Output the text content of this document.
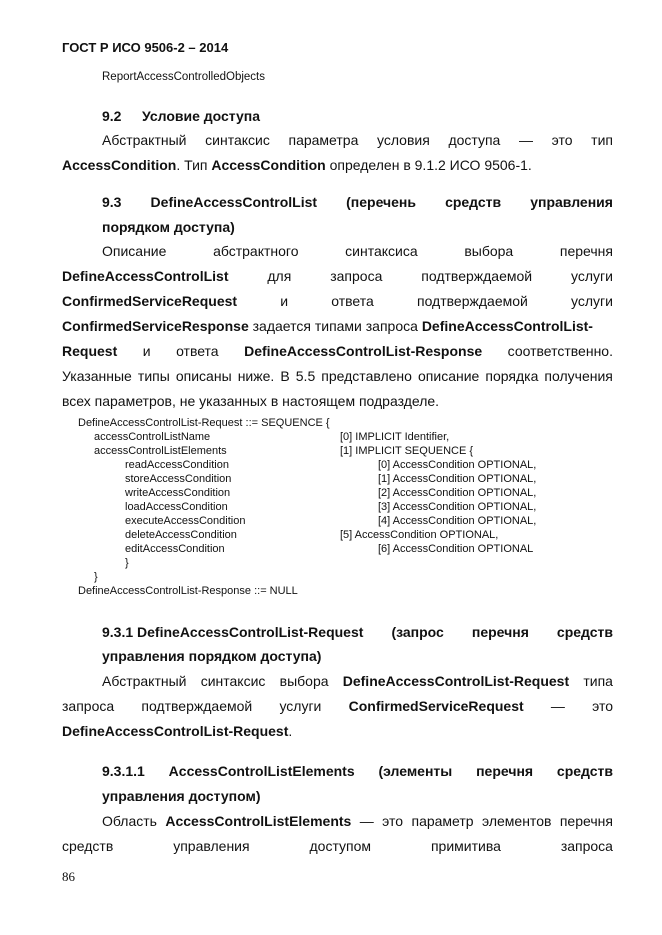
ГОСТ Р ИСО 9506-2 – 2014
ReportAccessControlledObjects
9.2 Условие доступа
Абстрактный синтаксис параметра условия доступа — это тип
AccessCondition. Тип AccessCondition определен в 9.1.2 ИСО 9506-1.
9.3 DefineAccessControlList (перечень средств управления
порядком доступа)
Описание	абстрактного	синтаксиса	выбора	перечня
DefineAccessControlList	для	запроса	подтверждаемой	услуги
ConfirmedServiceRequest	и	ответа	подтверждаемой	услуги
ConfirmedServiceResponse задается типами запроса DefineAccessControlList-
Request и ответа DefineAccessControlList-Response соответственно.
Указанные типы описаны ниже. В 5.5 представлено описание порядка получения
всех параметров, не указанных в настоящем подразделе.
DefineAccessControlList-Request ::= SEQUENCE {
accessControlListName	[0] IMPLICIT Identifier,
accessControlListElements	[1] IMPLICIT SEQUENCE {
readAccessCondition	[0] AccessCondition OPTIONAL,
storeAccessCondition	[1] AccessCondition OPTIONAL,
writeAccessCondition	[2] AccessCondition OPTIONAL,
loadAccessCondition	[3] AccessCondition OPTIONAL,
executeAccessCondition	[4] AccessCondition OPTIONAL,
deleteAccessCondition	[5] AccessCondition OPTIONAL,
editAccessCondition	[6] AccessCondition OPTIONAL
}
}
DefineAccessControlList-Response ::= NULL
9.3.1 DefineAccessControlList-Request (запрос перечня средств
управления порядком доступа)
Абстрактный синтаксис выбора DefineAccessControlList-Request типа
запроса подтверждаемой услуги ConfirmedServiceRequest — это
DefineAccessControlList-Request.
9.3.1.1 AccessControlListElements (элементы перечня средств
управления доступом)
Область AccessControlListElements — это параметр элементов перечня
средств	управления	доступом	примитива	запроса
86
